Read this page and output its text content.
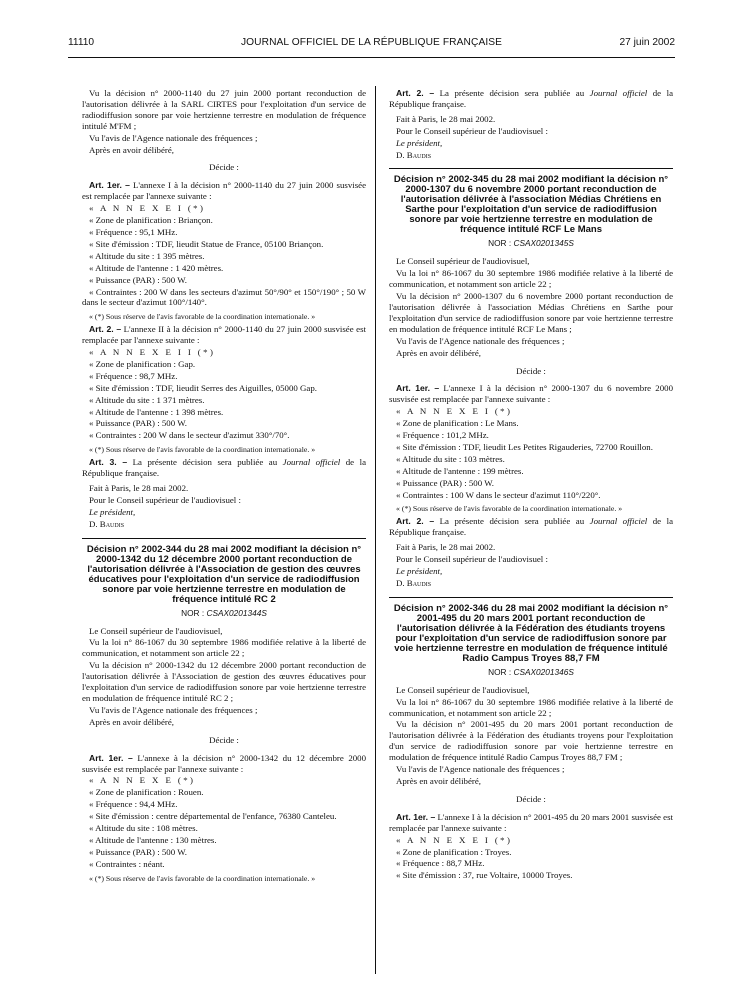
11110	JOURNAL OFFICIEL DE LA RÉPUBLIQUE FRANÇAISE	27 juin 2002

Vu la décision n° 2000-1140 du 27 juin 2000 portant reconduction de l'autorisation délivrée à la SARL CIRTES pour l'exploitation d'un service de radiodiffusion sonore par voie hertzienne terrestre en modulation de fréquence intitulé M'FM ;

Vu l'avis de l'Agence nationale des fréquences ;

Après en avoir délibéré,

Décide :

Art. 1er. – L'annexe I à la décision n° 2000-1140 du 27 juin 2000 susvisée est remplacée par l'annexe suivante :

« A N N E X E I (*)

« Zone de planification : Briançon.

« Fréquence : 95,1 MHz.

« Site d'émission : TDF, lieudit Statue de France, 05100 Briançon.

« Altitude du site : 1 395 mètres.

« Altitude de l'antenne : 1 420 mètres.

« Puissance (PAR) : 500 W.

« Contraintes : 200 W dans les secteurs d'azimut 50°/90° et 150°/190° ; 50 W dans le secteur d'azimut 100°/140°.

« (*) Sous réserve de l'avis favorable de la coordination internationale. »

Art. 2. – L'annexe II à la décision n° 2000-1140 du 27 juin 2000 susvisée est remplacée par l'annexe suivante :

« A N N E X E I I (*)

« Zone de planification : Gap.

« Fréquence : 98,7 MHz.

« Site d'émission : TDF, lieudit Serres des Aiguilles, 05000 Gap.

« Altitude du site : 1 371 mètres.

« Altitude de l'antenne : 1 398 mètres.

« Puissance (PAR) : 500 W.

« Contraintes : 200 W dans le secteur d'azimut 330°/70°.

« (*) Sous réserve de l'avis favorable de la coordination internationale. »

Art. 3. – La présente décision sera publiée au Journal officiel de la République française.

Fait à Paris, le 28 mai 2002.

Pour le Conseil supérieur de l'audiovisuel :

Le président,

D. Baudis

Décision n° 2002-344 du 28 mai 2002 modifiant la décision n° 2000-1342 du 12 décembre 2000 portant reconduction de l'autorisation délivrée à l'Association de gestion des œuvres éducatives pour l'exploitation d'un service de radiodiffusion sonore par voie hertzienne terrestre en modulation de fréquence intitulé RC 2
NOR : CSAX0201344S

Le Conseil supérieur de l'audiovisuel,

Vu la loi n° 86-1067 du 30 septembre 1986 modifiée relative à la liberté de communication, et notamment son article 22 ;

Vu la décision n° 2000-1342 du 12 décembre 2000 portant reconduction de l'autorisation délivrée à l'Association de gestion des œuvres éducatives pour l'exploitation d'un service de radiodiffusion sonore par voie hertzienne terrestre en modulation de fréquence intitulé RC 2 ;

Vu l'avis de l'Agence nationale des fréquences ;

Après en avoir délibéré,

Décide :

Art. 1er. – L'annexe à la décision n° 2000-1342 du 12 décembre 2000 susvisée est remplacée par l'annexe suivante :

« A N N E X E (*)

« Zone de planification : Rouen.

« Fréquence : 94,4 MHz.

« Site d'émission : centre départemental de l'enfance, 76380 Canteleu.

« Altitude du site : 108 mètres.

« Altitude de l'antenne : 130 mètres.

« Puissance (PAR) : 500 W.

« Contraintes : néant.

« (*) Sous réserve de l'avis favorable de la coordination internationale. »

Art. 2. – La présente décision sera publiée au Journal officiel de la République française.

Fait à Paris, le 28 mai 2002.

Pour le Conseil supérieur de l'audiovisuel :

Le président,

D. Baudis

Décision n° 2002-345 du 28 mai 2002 modifiant la décision n° 2000-1307 du 6 novembre 2000 portant reconduction de l'autorisation délivrée à l'association Médias Chrétiens en Sarthe pour l'exploitation d'un service de radiodiffusion sonore par voie hertzienne terrestre en modulation de fréquence intitulé RCF Le Mans
NOR : CSAX0201345S

Le Conseil supérieur de l'audiovisuel,

Vu la loi n° 86-1067 du 30 septembre 1986 modifiée relative à la liberté de communication, et notamment son article 22 ;

Vu la décision n° 2000-1307 du 6 novembre 2000 portant reconduction de l'autorisation délivrée à l'association Médias Chrétiens en Sarthe pour l'exploitation d'un service de radiodiffusion sonore par voie hertzienne terrestre en modulation de fréquence intitulé RCF Le Mans ;

Vu l'avis de l'Agence nationale des fréquences ;

Après en avoir délibéré,

Décide :

Art. 1er. – L'annexe I à la décision n° 2000-1307 du 6 novembre 2000 susvisée est remplacée par l'annexe suivante :

« A N N E X E I (*)

« Zone de planification : Le Mans.

« Fréquence : 101,2 MHz.

« Site d'émission : TDF, lieudit Les Petites Rigauderies, 72700 Rouillon.

« Altitude du site : 103 mètres.

« Altitude de l'antenne : 199 mètres.

« Puissance (PAR) : 500 W.

« Contraintes : 100 W dans le secteur d'azimut 110°/220°.

« (*) Sous réserve de l'avis favorable de la coordination internationale. »

Art. 2. – La présente décision sera publiée au Journal officiel de la République française.

Fait à Paris, le 28 mai 2002.

Pour le Conseil supérieur de l'audiovisuel :

Le président,

D. Baudis

Décision n° 2002-346 du 28 mai 2002 modifiant la décision n° 2001-495 du 20 mars 2001 portant reconduction de l'autorisation délivrée à la Fédération des étudiants troyens pour l'exploitation d'un service de radiodiffusion sonore par voie hertzienne terrestre en modulation de fréquence intitulé Radio Campus Troyes 88,7 FM
NOR : CSAX0201346S

Le Conseil supérieur de l'audiovisuel,

Vu la loi n° 86-1067 du 30 septembre 1986 modifiée relative à la liberté de communication, et notamment son article 22 ;

Vu la décision n° 2001-495 du 20 mars 2001 portant reconduction de l'autorisation délivrée à la Fédération des étudiants troyens pour l'exploitation d'un service de radiodiffusion sonore par voie hertzienne terrestre en modulation de fréquence intitulé Radio Campus Troyes 88,7 FM ;

Vu l'avis de l'Agence nationale des fréquences ;

Après en avoir délibéré,

Décide :

Art. 1er. – L'annexe I à la décision n° 2001-495 du 20 mars 2001 susvisée est remplacée par l'annexe suivante :

« A N N E X E I (*)

« Zone de planification : Troyes.

« Fréquence : 88,7 MHz.

« Site d'émission : 37, rue Voltaire, 10000 Troyes.
